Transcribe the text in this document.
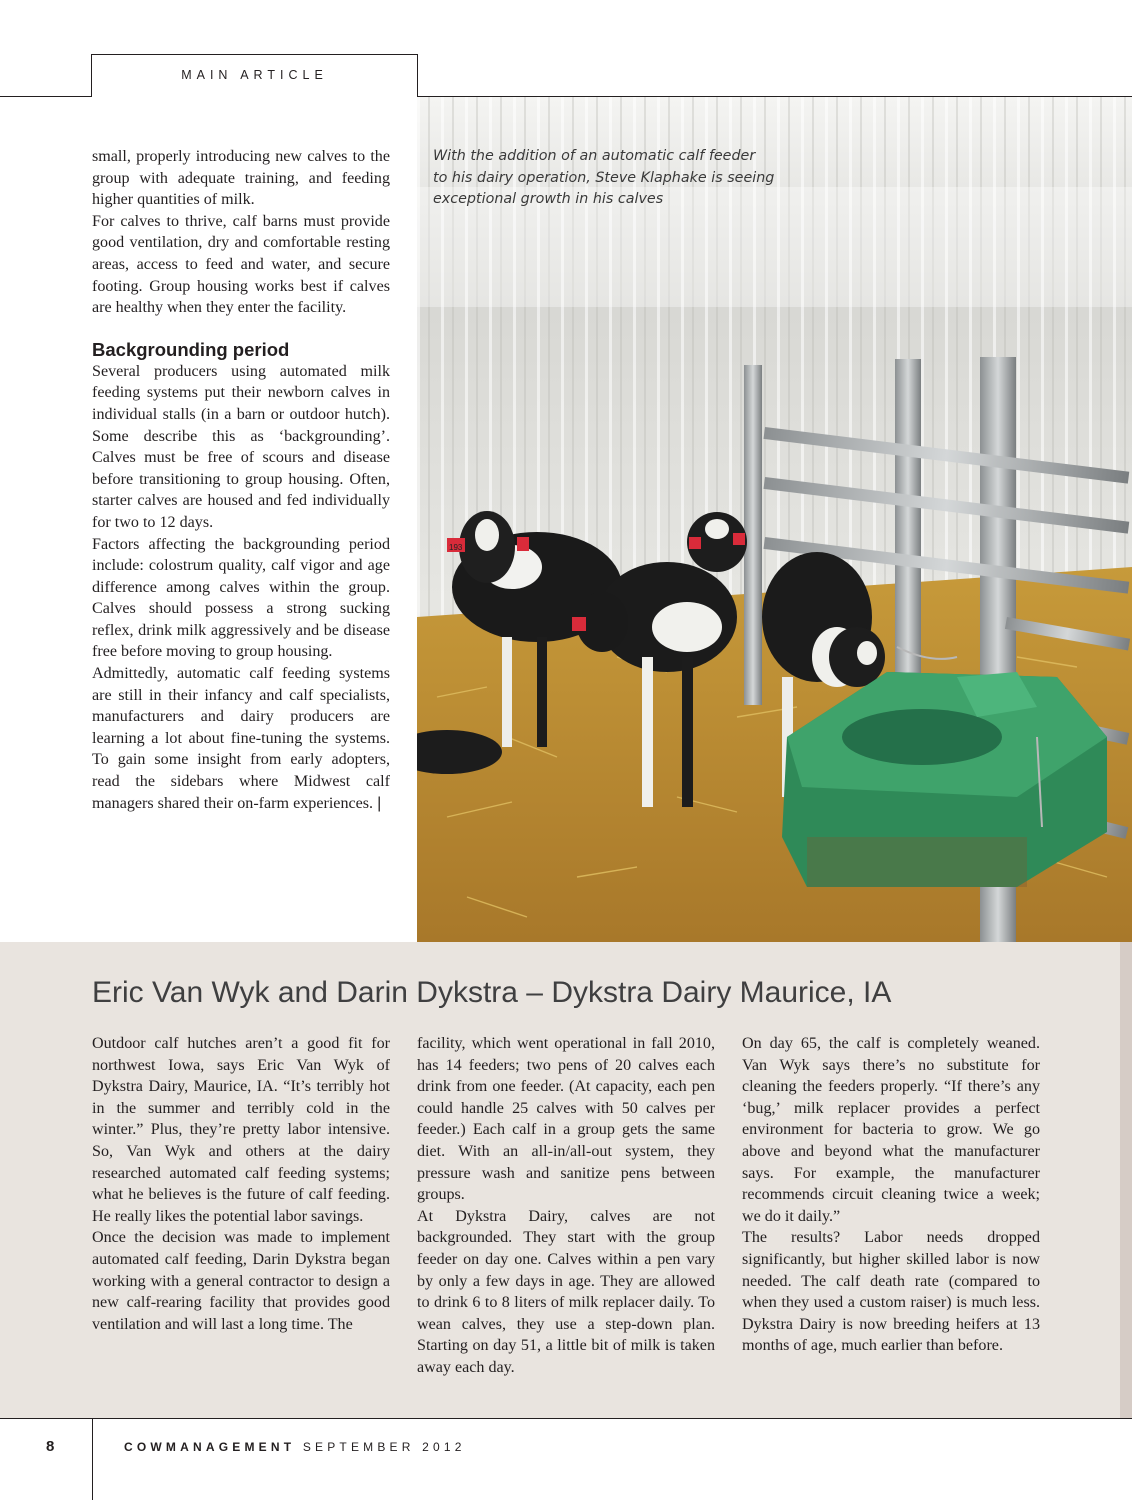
MAIN ARTICLE

small, properly introducing new calves to the group with adequate training, and feeding higher quantities of milk.

For calves to thrive, calf barns must provide good ventilation, dry and comfortable resting areas, access to feed and water, and secure footing. Group housing works best if calves are healthy when they enter the facility.

Backgrounding period

Several producers using automated milk feeding systems put their newborn calves in individual stalls (in a barn or outdoor hutch). Some describe this as ‘backgrounding’. Calves must be free of scours and disease before transitioning to group housing. Often, starter calves are housed and fed individually for two to 12 days.

Factors affecting the backgrounding period include: colostrum quality, calf vigor and age difference among calves within the group. Calves should possess a strong sucking reflex, drink milk aggressively and be disease free before moving to group housing.

Admittedly, automatic calf feeding systems are still in their infancy and calf specialists, manufacturers and dairy producers are learning a lot about fine-tuning the systems. To gain some insight from early adopters, read the sidebars where Midwest calf managers shared their on-farm experiences. |

193
With the addition of an automatic calf feeder
to his dairy operation, Steve Klaphake is seeing
exceptional growth in his calves
Eric Van Wyk and Darin Dykstra – Dykstra Dairy Maurice, IA

Outdoor calf hutches aren’t a good fit for northwest Iowa, says Eric Van Wyk of Dykstra Dairy, Maurice, IA. “It’s terribly hot in the summer and terribly cold in the winter.” Plus, they’re pretty labor intensive. So, Van Wyk and others at the dairy researched automated calf feeding systems; what he believes is the future of calf feeding. He really likes the potential labor savings.

Once the decision was made to implement automated calf feeding, Darin Dykstra began working with a general contractor to design a new calf-rearing facility that provides good ventilation and will last a long time. The

facility, which went operational in fall 2010, has 14 feeders; two pens of 20 calves each drink from one feeder. (At capacity, each pen could handle 25 calves with 50 calves per feeder.) Each calf in a group gets the same diet. With an all-in/all-out system, they pressure wash and sanitize pens between groups.

At Dykstra Dairy, calves are not backgrounded. They start with the group feeder on day one. Calves within a pen vary by only a few days in age. They are allowed to drink 6 to 8 liters of milk replacer daily. To wean calves, they use a step-down plan. Starting on day 51, a little bit of milk is taken away each day.

On day 65, the calf is completely weaned. Van Wyk says there’s no substitute for cleaning the feeders properly. “If there’s any ‘bug,’ milk replacer provides a perfect environment for bacteria to grow. We go above and beyond what the manufacturer says. For example, the manufacturer recommends circuit cleaning twice a week; we do it daily.”

The results? Labor needs dropped significantly, but higher skilled labor is now needed. The calf death rate (compared to when they used a custom raiser) is much less. Dykstra Dairy is now breeding heifers at 13 months of age, much earlier than before.

8	COWMANAGEMENT SEPTEMBER 2012
